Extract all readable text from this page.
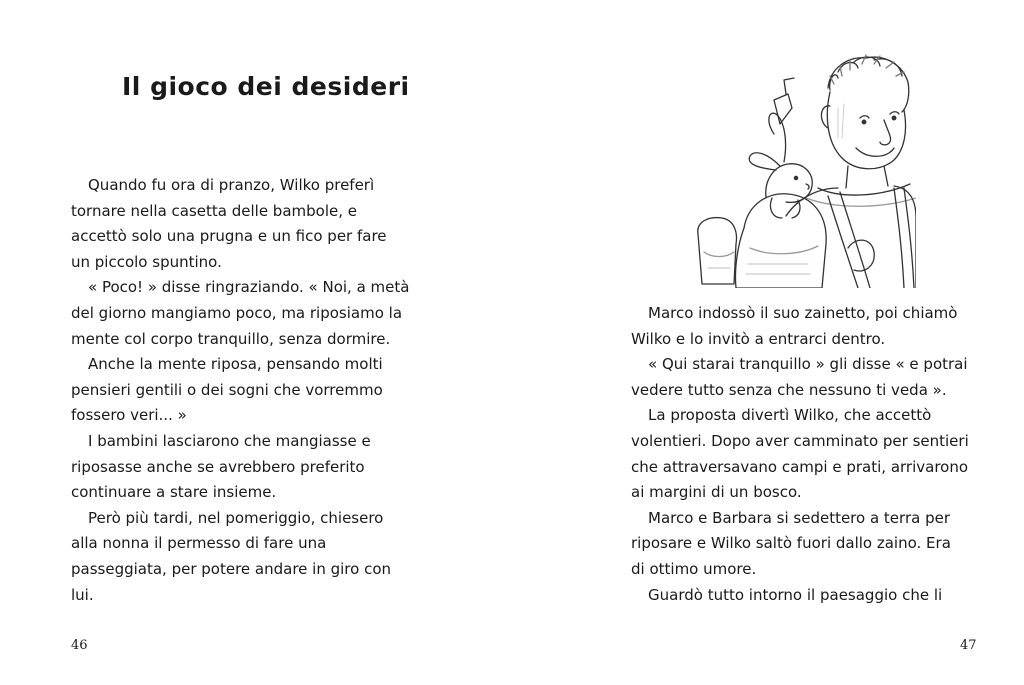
Il gioco dei desideri
Quando fu ora di pranzo, Wilko preferì
tornare nella casetta delle bambole, e
accettò solo una prugna e un fico per fare
un piccolo spuntino.
« Poco! » disse ringraziando. « Noi, a metà
del giorno mangiamo poco, ma riposiamo la
mente col corpo tranquillo, senza dormire.
Anche la mente riposa, pensando molti
pensieri gentili o dei sogni che vorremmo
fossero veri... »
I bambini lasciarono che mangiasse e
riposasse anche se avrebbero preferito
continuare a stare insieme.
Però più tardi, nel pomeriggio, chiesero
alla nonna il permesso di fare una
passeggiata, per potere andare in giro con
lui.
46
Marco indossò il suo zainetto, poi chiamò
Wilko e lo invitò a entrarci dentro.
« Qui starai tranquillo » gli disse « e potrai
vedere tutto senza che nessuno ti veda ».
La proposta divertì Wilko, che accettò
volentieri. Dopo aver camminato per sentieri
che attraversavano campi e prati, arrivarono
ai margini di un bosco.
Marco e Barbara si sedettero a terra per
riposare e Wilko saltò fuori dallo zaino. Era
di ottimo umore.
Guardò tutto intorno il paesaggio che li
47
